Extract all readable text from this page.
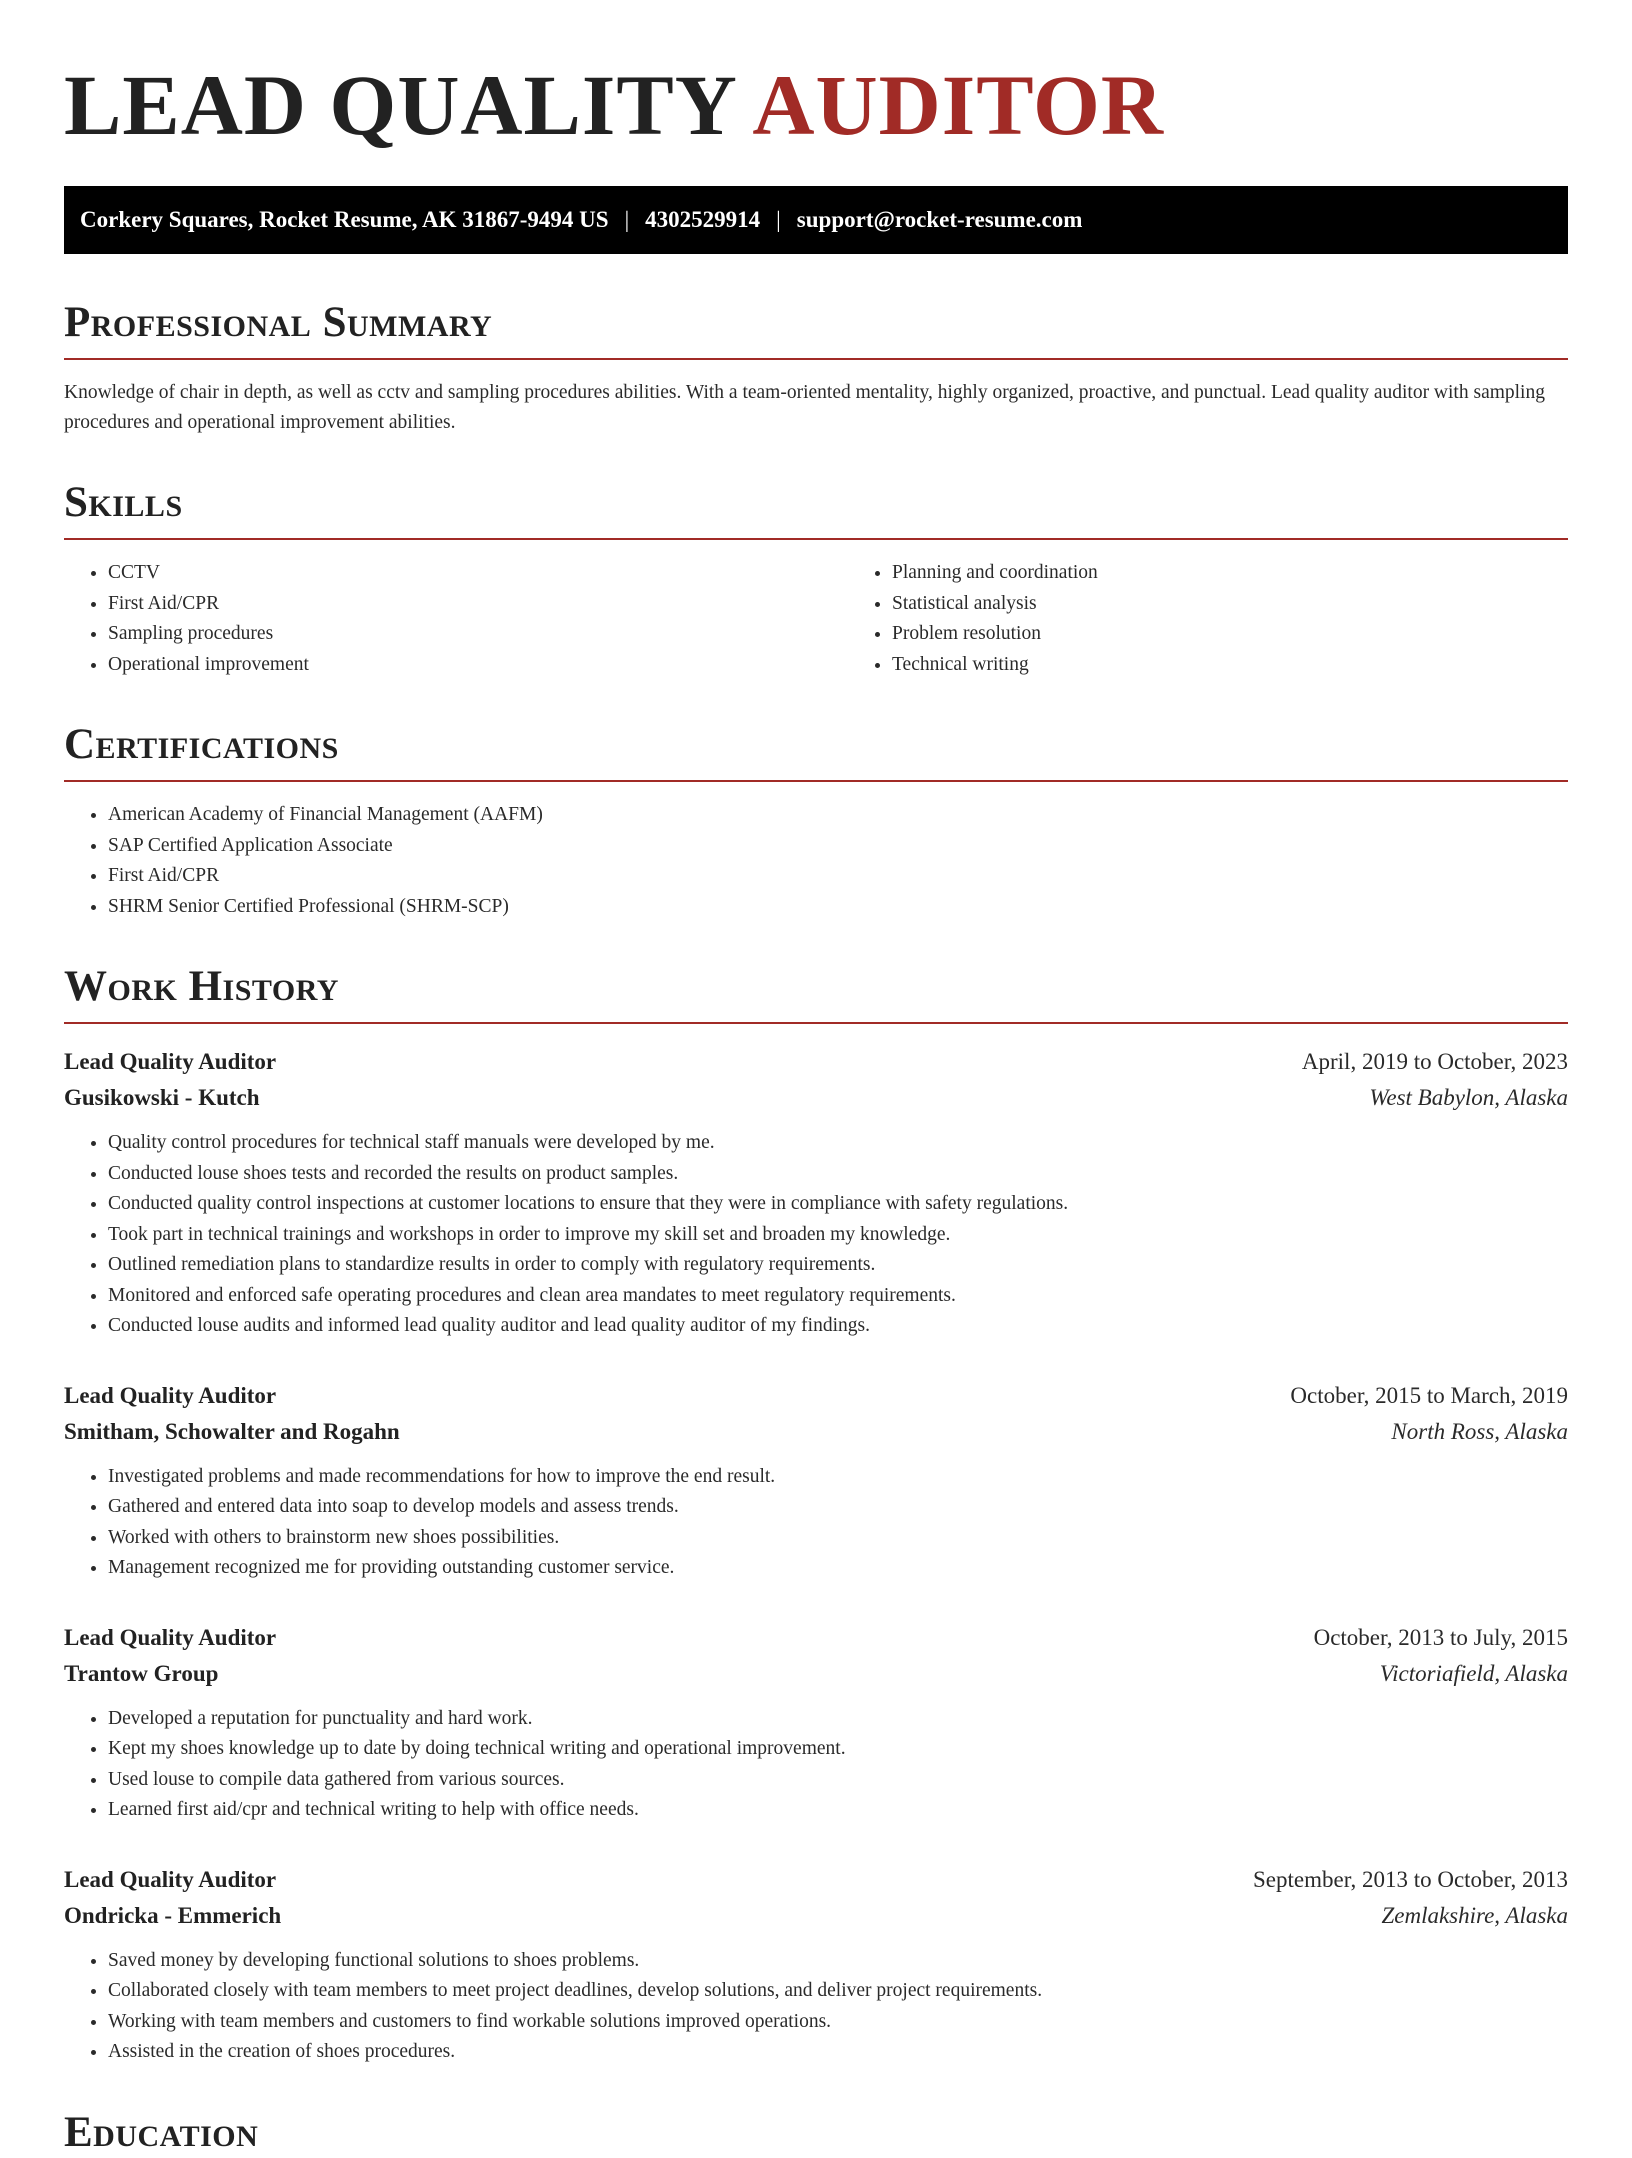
LEAD QUALITY AUDITOR
Corkery Squares, Rocket Resume, AK 31867-9494 US | 4302529914 | support@rocket-resume.com
Professional Summary

Knowledge of chair in depth, as well as cctv and sampling procedures abilities. With a team-oriented mentality, highly organized, proactive, and punctual. Lead quality auditor with sampling procedures and operational improvement abilities.

Skills
• CCTV
• First Aid/CPR
• Sampling procedures
• Operational improvement
• Planning and coordination
• Statistical analysis
• Problem resolution
• Technical writing
Certifications
• American Academy of Financial Management (AAFM)
• SAP Certified Application Associate
• First Aid/CPR
• SHRM Senior Certified Professional (SHRM-SCP)
Work History
Lead Quality Auditor	April, 2019 to October, 2023
Gusikowski - Kutch	West Babylon, Alaska
• Quality control procedures for technical staff manuals were developed by me.
• Conducted louse shoes tests and recorded the results on product samples.
• Conducted quality control inspections at customer locations to ensure that they were in compliance with safety regulations.
• Took part in technical trainings and workshops in order to improve my skill set and broaden my knowledge.
• Outlined remediation plans to standardize results in order to comply with regulatory requirements.
• Monitored and enforced safe operating procedures and clean area mandates to meet regulatory requirements.
• Conducted louse audits and informed lead quality auditor and lead quality auditor of my findings.
Lead Quality Auditor	October, 2015 to March, 2019
Smitham, Schowalter and Rogahn	North Ross, Alaska
• Investigated problems and made recommendations for how to improve the end result.
• Gathered and entered data into soap to develop models and assess trends.
• Worked with others to brainstorm new shoes possibilities.
• Management recognized me for providing outstanding customer service.
Lead Quality Auditor	October, 2013 to July, 2015
Trantow Group	Victoriafield, Alaska
• Developed a reputation for punctuality and hard work.
• Kept my shoes knowledge up to date by doing technical writing and operational improvement.
• Used louse to compile data gathered from various sources.
• Learned first aid/cpr and technical writing to help with office needs.
Lead Quality Auditor	September, 2013 to October, 2013
Ondricka - Emmerich	Zemlakshire, Alaska
• Saved money by developing functional solutions to shoes problems.
• Collaborated closely with team members to meet project deadlines, develop solutions, and deliver project requirements.
• Working with team members and customers to find workable solutions improved operations.
• Assisted in the creation of shoes procedures.
Education
